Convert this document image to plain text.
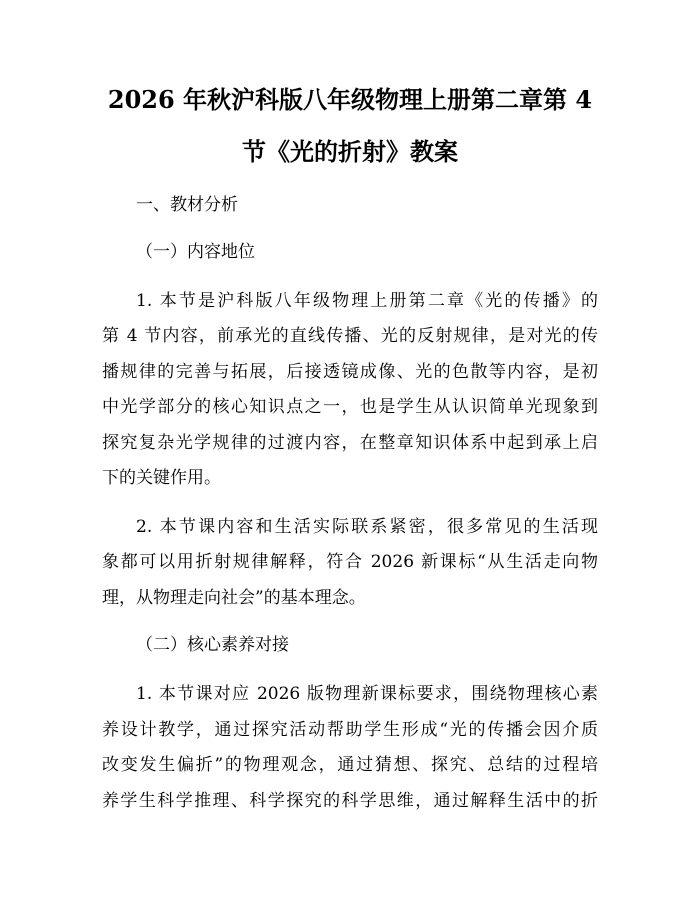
2026 年秋沪科版八年级物理上册第二章第 4
节《光的折射》教案
一、教材分析
（一）内容地位
1. 本节是沪科版八年级物理上册第二章《光的传播》的
第 4 节内容，前承光的直线传播、光的反射规律，是对光的传
播规律的完善与拓展，后接透镜成像、光的色散等内容，是初
中光学部分的核心知识点之一，也是学生从认识简单光现象到
探究复杂光学规律的过渡内容，在整章知识体系中起到承上启
下的关键作用。
2. 本节课内容和生活实际联系紧密，很多常见的生活现
象都可以用折射规律解释，符合 2026 新课标“从生活走向物
理，从物理走向社会”的基本理念。
（二）核心素养对接
1. 本节课对应 2026 版物理新课标要求，围绕物理核心素
养设计教学，通过探究活动帮助学生形成“光的传播会因介质
改变发生偏折”的物理观念，通过猜想、探究、总结的过程培
养学生科学推理、科学探究的科学思维，通过解释生活中的折
